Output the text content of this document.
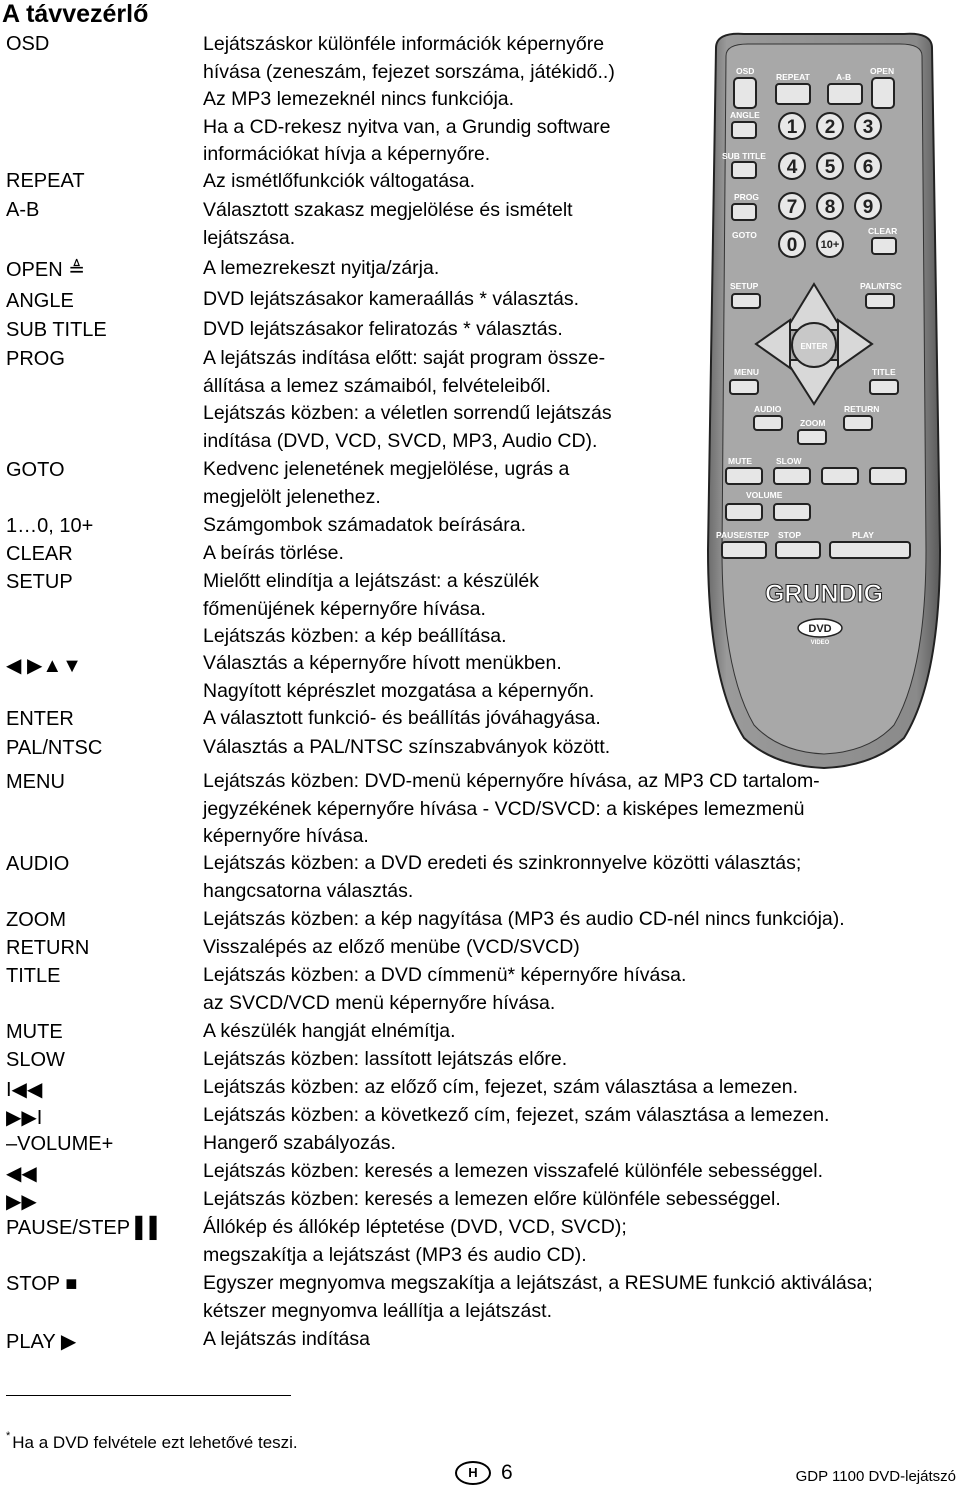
A távvezérlő
OSD	Lejátszáskor különféle információk képernyőre
hívása (zeneszám, fejezet sorszáma, játékidő..)
Az MP3 lemezeknél nincs funkciója.
Ha a CD-rekesz nyitva van, a Grundig software
információkat hívja a képernyőre.
REPEAT	Az ismétlőfunkciók váltogatása.
A-B	Választott szakasz megjelölése és ismételt
lejátszása.
OPEN ≜	A lemezrekeszt nyitja/zárja.
ANGLE	DVD lejátszásakor kameraállás * választás.
SUB TITLE	DVD lejátszásakor feliratozás * választás.
PROG	A lejátszás indítása előtt: saját program össze-
állítása a lemez számaiból, felvételeiből.
Lejátszás közben: a véletlen sorrendű lejátszás
indítása (DVD, VCD, SVCD, MP3, Audio CD).
GOTO	Kedvenc jelenetének megjelölése, ugrás a
megjelölt jelenethez.
1…0, 10+	Számgombok számadatok beírására.
CLEAR	A beírás törlése.
SETUP	Mielőtt elindítja a lejátszást: a készülék
főmenüjének képernyőre hívása.
Lejátszás közben: a kép beállítása.
◀ ▶▲▼	Választás a képernyőre hívott menükben.
Nagyított képrészlet mozgatása a képernyőn.
ENTER	A választott funkció- és beállítás jóváhagyása.
PAL/NTSC	Választás a PAL/NTSC színszabványok között.
MENU	Lejátszás közben: DVD-menü képernyőre hívása, az MP3 CD tartalom-
jegyzékének képernyőre hívása - VCD/SVCD: a kisképes lemezmenü
képernyőre hívása.
AUDIO	Lejátszás közben: a DVD eredeti és szinkronnyelve közötti választás;
hangcsatorna választás.
ZOOM	Lejátszás közben: a kép nagyítása (MP3 és audio CD-nél nincs funkciója).
RETURN	Visszalépés az előző menübe (VCD/SVCD)
TITLE	Lejátszás közben: a DVD címmenü* képernyőre hívása.
az SVCD/VCD menü képernyőre hívása.
MUTE	A készülék hangját elnémítja.
SLOW	Lejátszás közben: lassított lejátszás előre.
I◀◀	Lejátszás közben: az előző cím, fejezet, szám választása a lemezen.
▶▶I	Lejátszás közben: a következő cím, fejezet, szám választása a lemezen.
–VOLUME+	Hangerő szabályozás.
◀◀	Lejátszás közben: keresés a lemezen visszafelé különféle sebességgel.
▶▶	Lejátszás közben: keresés a lemezen előre különféle sebességgel.
PAUSE/STEP ▌▌ Állókép és állókép léptetése (DVD, VCD, SVCD);
megszakítja a lejátszást (MP3 és audio CD).
STOP ■	Egyszer megnyomva megszakítja a lejátszást, a RESUME funkció aktiválása;
kétszer megnyomva leállítja a lejátszást.
PLAY ▶	A lejátszás indítása
OSD
REPEAT	A-B
OPEN
ANGLE
SUB TITLE
PROG
GOTO	CLEAR
SETUP	PAL/NTSC
MENU	TITLE
AUDIO	RETURN
ZOOM
MUTE	SLOW
VOLUME
PAUSE/STEP STOP	PLAY
1 2 3
4 5 6
7 8 9
0 10+
ENTER
GRUNDIG
DVD
VIDEO
* Ha a DVD felvétele ezt lehetővé teszi.
H 6	GDP 1100 DVD-lejátszó
